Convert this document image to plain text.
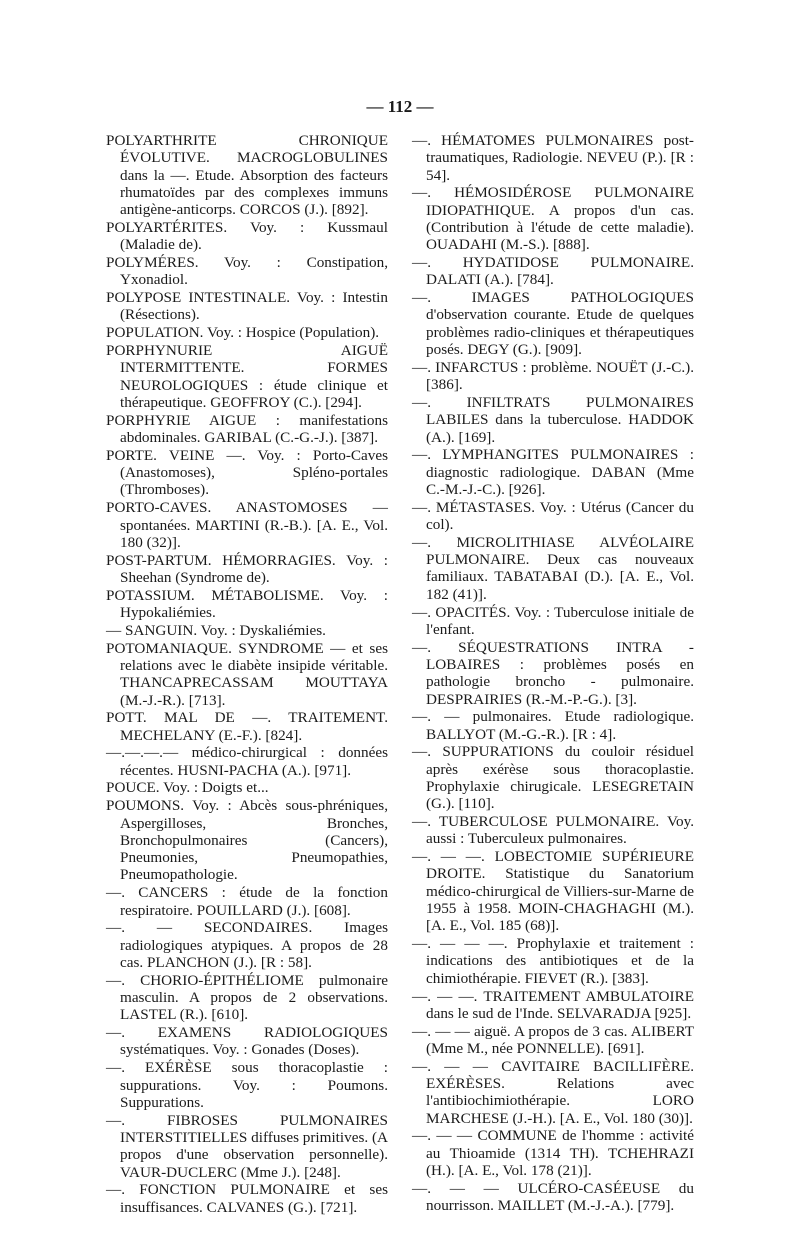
— 112 —

POLYARTHRITE CHRONIQUE ÉVOLUTIVE. MACROGLOBULINES dans la —. Etude. Absorption des facteurs rhumatoïdes par des complexes immuns antigène-anticorps. CORCOS (J.). [892].

POLYARTÉRITES. Voy. : Kussmaul (Maladie de).

POLYMÉRES. Voy. : Constipation, Yxonadiol.

POLYPOSE INTESTINALE. Voy. : Intestin (Résections).

POPULATION. Voy. : Hospice (Population).

PORPHYNURIE AIGUË INTERMITTENTE. FORMES NEUROLOGIQUES : étude clinique et thérapeutique. GEOFFROY (C.). [294].

PORPHYRIE AIGUE : manifestations abdominales. GARIBAL (C.-G.-J.). [387].

PORTE. VEINE —. Voy. : Porto-Caves (Anastomoses), Spléno-portales (Thromboses).

PORTO-CAVES. ANASTOMOSES — spontanées. MARTINI (R.-B.). [A. E., Vol. 180 (32)].

POST-PARTUM. HÉMORRAGIES. Voy. : Sheehan (Syndrome de).

POTASSIUM. MÉTABOLISME. Voy. : Hypokaliémies.

— SANGUIN. Voy. : Dyskaliémies.

POTOMANIAQUE. SYNDROME — et ses relations avec le diabète insipide véritable. THANCAPRECASSAM MOUTTAYA (M.-J.-R.). [713].

POTT. MAL DE —. TRAITEMENT. MECHELANY (E.-F.). [824].

—.—.—.— médico-chirurgical : données récentes. HUSNI-PACHA (A.). [971].

POUCE. Voy. : Doigts et...

POUMONS. Voy. : Abcès sous-phréniques, Aspergilloses, Bronches, Bronchopulmonaires (Cancers), Pneumonies, Pneumopathies, Pneumopathologie.

—. CANCERS : étude de la fonction respiratoire. POUILLARD (J.). [608].

—. — SECONDAIRES. Images radiologiques atypiques. A propos de 28 cas. PLANCHON (J.). [R : 58].

—. CHORIO-ÉPITHÉLIOME pulmonaire masculin. A propos de 2 observations. LASTEL (R.). [610].

—. EXAMENS RADIOLOGIQUES systématiques. Voy. : Gonades (Doses).

—. EXÉRÈSE sous thoracoplastie : suppurations. Voy. : Poumons. Suppurations.

—. FIBROSES PULMONAIRES INTERSTITIELLES diffuses primitives. (A propos d'une observation personnelle). VAUR-DUCLERC (Mme J.). [248].

—. FONCTION PULMONAIRE et ses insuffisances. CALVANES (G.). [721].

—. HÉMATOMES PULMONAIRES post-traumatiques, Radiologie. NEVEU (P.). [R : 54].

—. HÉMOSIDÉROSE PULMONAIRE IDIOPATHIQUE. A propos d'un cas. (Contribution à l'étude de cette maladie). OUADAHI (M.-S.). [888].

—. HYDATIDOSE PULMONAIRE. DALATI (A.). [784].

—. IMAGES PATHOLOGIQUES d'observation courante. Etude de quelques problèmes radio-cliniques et thérapeutiques posés. DEGY (G.). [909].

—. INFARCTUS : problème. NOUËT (J.-C.). [386].

—. INFILTRATS PULMONAIRES LABILES dans la tuberculose. HADDOK (A.). [169].

—. LYMPHANGITES PULMONAIRES : diagnostic radiologique. DABAN (Mme C.-M.-J.-C.). [926].

—. MÉTASTASES. Voy. : Utérus (Cancer du col).

—. MICROLITHIASE ALVÉOLAIRE PULMONAIRE. Deux cas nouveaux familiaux. TABATABAI (D.). [A. E., Vol. 182 (41)].

—. OPACITÉS. Voy. : Tuberculose initiale de l'enfant.

—. SÉQUESTRATIONS INTRA - LOBAIRES : problèmes posés en pathologie broncho - pulmonaire. DESPRAIRIES (R.-M.-P.-G.). [3].

—. — pulmonaires. Etude radiologique. BALLYOT (M.-G.-R.). [R : 4].

—. SUPPURATIONS du couloir résiduel après exérèse sous thoracoplastie. Prophylaxie chirugicale. LESEGRETAIN (G.). [110].

—. TUBERCULOSE PULMONAIRE. Voy. aussi : Tuberculeux pulmonaires.

—. — —. LOBECTOMIE SUPÉRIEURE DROITE. Statistique du Sanatorium médico-chirurgical de Villiers-sur-Marne de 1955 à 1958. MOIN-CHAGHAGHI (M.). [A. E., Vol. 185 (68)].

—. — — —. Prophylaxie et traitement : indications des antibiotiques et de la chimiothérapie. FIEVET (R.). [383].

—. — —. TRAITEMENT AMBULATOIRE dans le sud de l'Inde. SELVARADJA [925].

—. — — aiguë. A propos de 3 cas. ALIBERT (Mme M., née PONNELLE). [691].

—. — — CAVITAIRE BACILLIFÈRE. EXÉRÈSES. Relations avec l'antibiochimiothérapie. LORO MARCHESE (J.-H.). [A. E., Vol. 180 (30)].

—. — — COMMUNE de l'homme : activité au Thioamide (1314 TH). TCHEHRAZI (H.). [A. E., Vol. 178 (21)].

—. — — ULCÉRO-CASÉEUSE du nourrisson. MAILLET (M.-J.-A.). [779].
